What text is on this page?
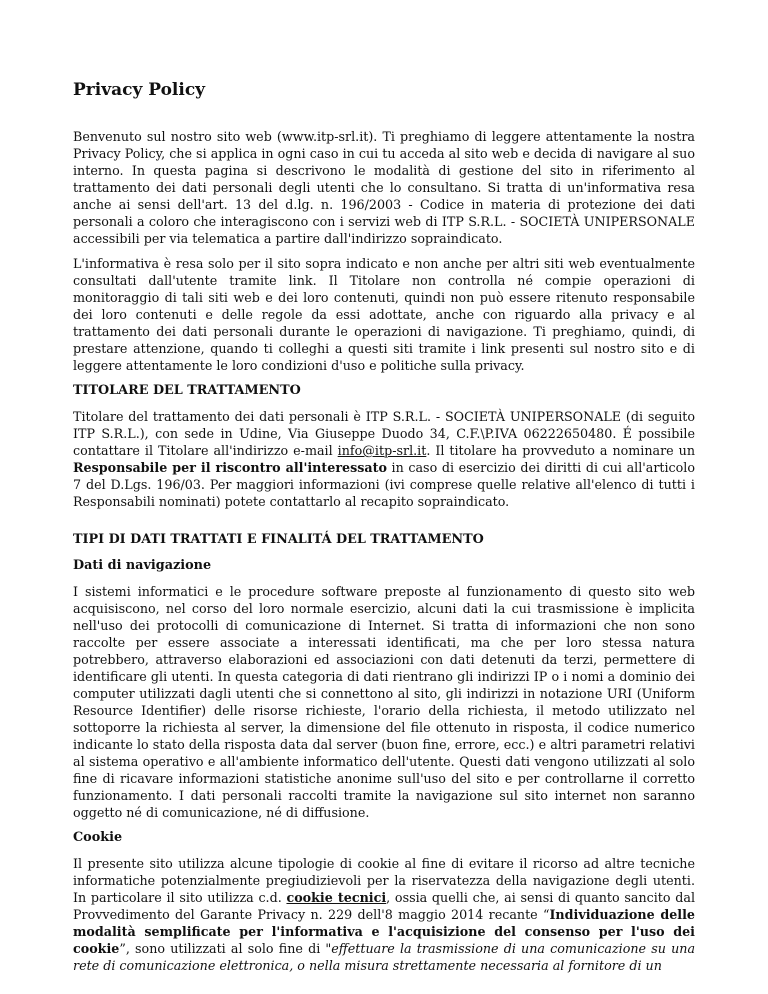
Privacy Policy

Benvenuto sul nostro sito web (www.itp-srl.it). Ti preghiamo di leggere attentamente la nostra Privacy Policy, che si applica in ogni caso in cui tu acceda al sito web e decida di navigare al suo interno. In questa pagina si descrivono le modalità di gestione del sito in riferimento al trattamento dei dati personali degli utenti che lo consultano. Si tratta di un'informativa resa anche ai sensi dell'art. 13 del d.lg. n. 196/2003 - Codice in materia di protezione dei dati personali a coloro che interagiscono con i servizi web di ITP S.R.L. - SOCIETÀ UNIPERSONALE accessibili per via telematica a partire dall'indirizzo sopraindicato.

L'informativa è resa solo per il sito sopra indicato e non anche per altri siti web eventualmente consultati dall'utente tramite link. Il Titolare non controlla né compie operazioni di monitoraggio di tali siti web e dei loro contenuti, quindi non può essere ritenuto responsabile dei loro contenuti e delle regole da essi adottate, anche con riguardo alla privacy e al trattamento dei dati personali durante le operazioni di navigazione. Ti preghiamo, quindi, di prestare attenzione, quando ti colleghi a questi siti tramite i link presenti sul nostro sito e di leggere attentamente le loro condizioni d'uso e politiche sulla privacy.

TITOLARE DEL TRATTAMENTO

Titolare del trattamento dei dati personali è ITP S.R.L. - SOCIETÀ UNIPERSONALE (di seguito ITP S.R.L.), con sede in Udine, Via Giuseppe Duodo 34, C.F.\P.IVA 06222650480. É possibile contattare il Titolare all'indirizzo e-mail info@itp-srl.it. Il titolare ha provveduto a nominare un Responsabile per il riscontro all'interessato in caso di esercizio dei diritti di cui all'articolo 7 del D.Lgs. 196/03. Per maggiori informazioni (ivi comprese quelle relative all'elenco di tutti i Responsabili nominati) potete contattarlo al recapito sopraindicato.

TIPI DI DATI TRATTATI E FINALITÁ DEL TRATTAMENTO
Dati di navigazione

I sistemi informatici e le procedure software preposte al funzionamento di questo sito web acquisiscono, nel corso del loro normale esercizio, alcuni dati la cui trasmissione è implicita nell'uso dei protocolli di comunicazione di Internet. Si tratta di informazioni che non sono raccolte per essere associate a interessati identificati, ma che per loro stessa natura potrebbero, attraverso elaborazioni ed associazioni con dati detenuti da terzi, permettere di identificare gli utenti. In questa categoria di dati rientrano gli indirizzi IP o i nomi a dominio dei computer utilizzati dagli utenti che si connettono al sito, gli indirizzi in notazione URI (Uniform Resource Identifier) delle risorse richieste, l'orario della richiesta, il metodo utilizzato nel sottoporre la richiesta al server, la dimensione del file ottenuto in risposta, il codice numerico indicante lo stato della risposta data dal server (buon fine, errore, ecc.) e altri parametri relativi al sistema operativo e all'ambiente informatico dell'utente. Questi dati vengono utilizzati al solo fine di ricavare informazioni statistiche anonime sull'uso del sito e per controllarne il corretto funzionamento. I dati personali raccolti tramite la navigazione sul sito internet non saranno oggetto né di comunicazione, né di diffusione.

Cookie

Il presente sito utilizza alcune tipologie di cookie al fine di evitare il ricorso ad altre tecniche informatiche potenzialmente pregiudizievoli per la riservatezza della navigazione degli utenti. In particolare il sito utilizza c.d. cookie tecnici, ossia quelli che, ai sensi di quanto sancito dal Provvedimento del Garante Privacy n. 229 dell'8 maggio 2014 recante “Individuazione delle modalità semplificate per l'informativa e l'acquisizione del consenso per l'uso dei cookie”, sono utilizzati al solo fine di "effettuare la trasmissione di una comunicazione su una rete di comunicazione elettronica, o nella misura strettamente necessaria al fornitore di un
